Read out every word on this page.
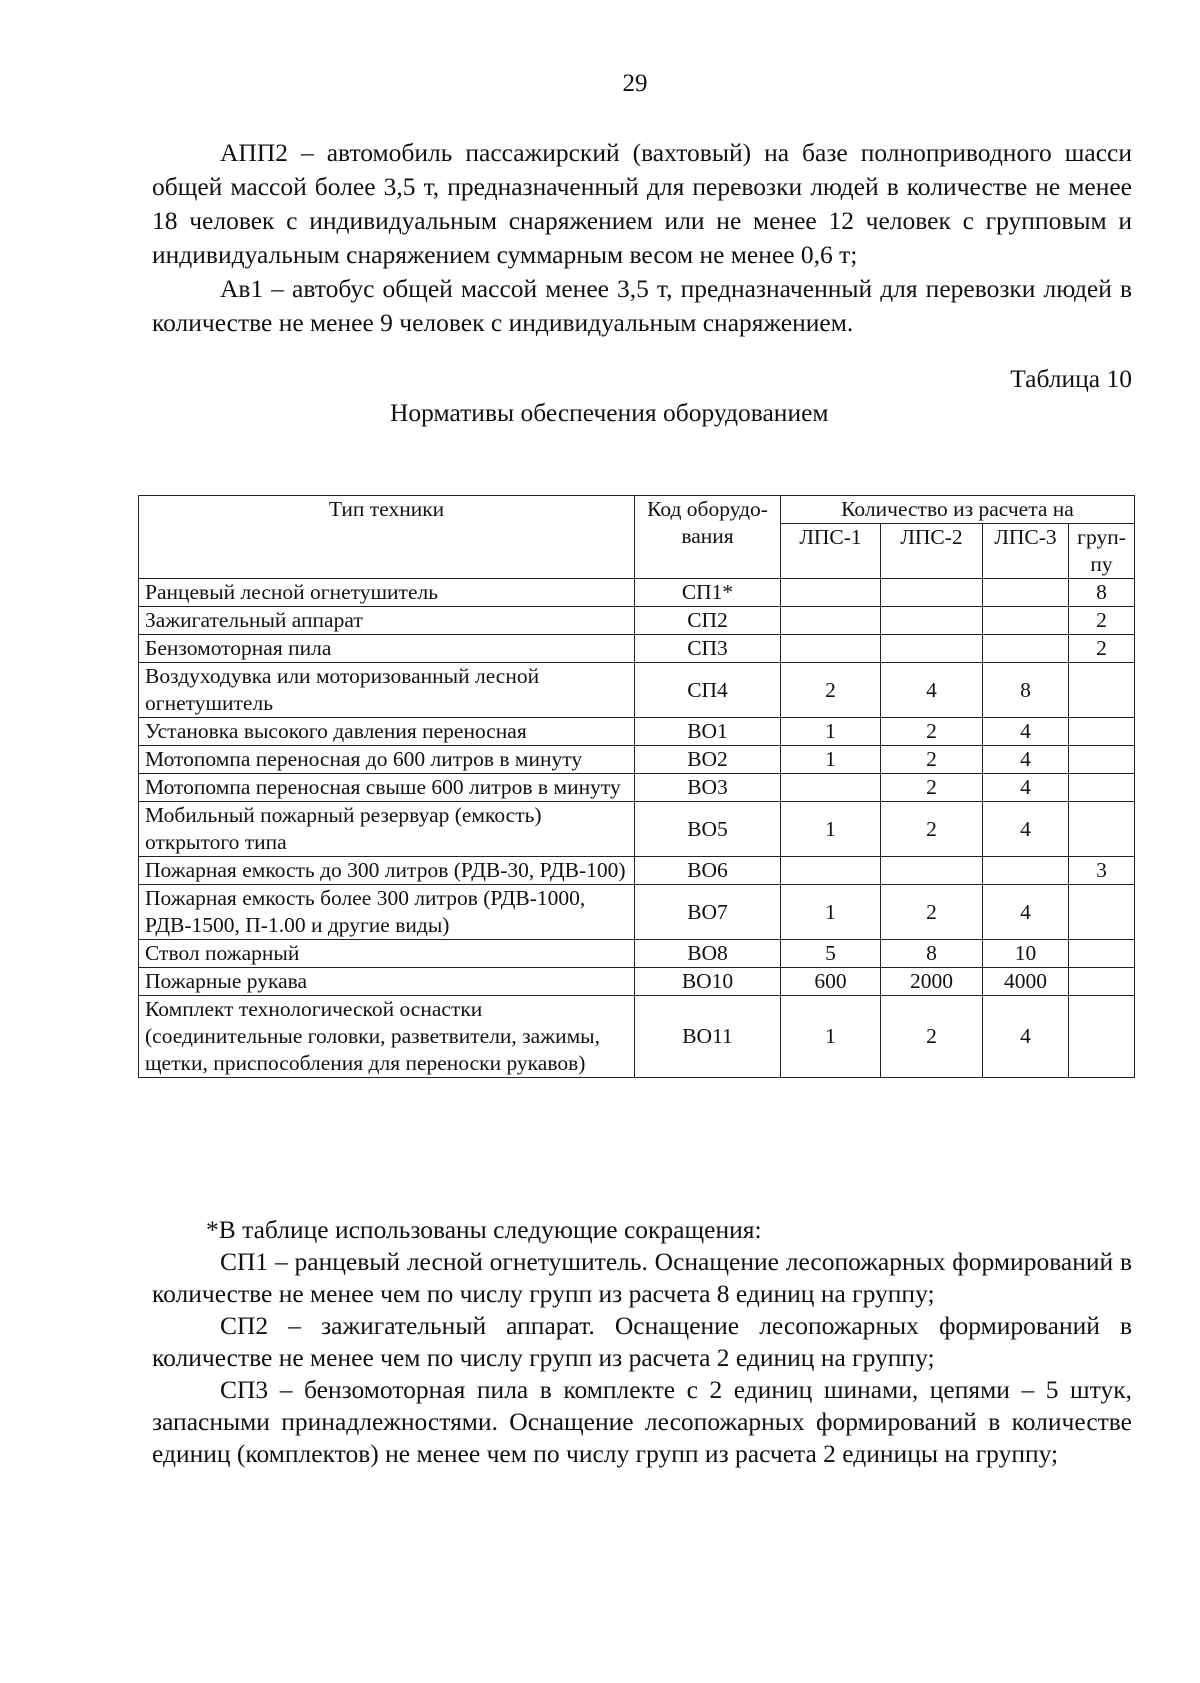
29

АПП2 – автомобиль пассажирский (вахтовый) на базе полноприводного шасси общей массой более 3,5 т, предназначенный для перевозки людей в количестве не менее 18 человек с индивидуальным снаряжением или не менее 12 человек с групповым и индивидуальным снаряжением суммарным весом не менее 0,6 т;

Ав1 – автобус общей массой менее 3,5 т, предназначенный для перевозки людей в количестве не менее 9 человек с индивидуальным снаряжением.

Таблица 10
Нормативы обеспечения оборудованием
Тип техники	Код оборудо-вания	Количество из расчета на			
		ЛПС-1	ЛПС-2	ЛПС-3	груп-пу
Ранцевый лесной огнетушитель	СП1*				8
Зажигательный аппарат	СП2				2
Бензомоторная пила	СП3				2
Воздуходувка или моторизованный лесной огнетушитель	СП4	2	4	8	
Установка высокого давления переносная	ВО1	1	2	4	
Мотопомпа переносная до 600 литров в минуту	ВО2	1	2	4	
Мотопомпа переносная свыше 600 литров в минуту	ВО3		2	4	
Мобильный пожарный резервуар (емкость) открытого типа	ВО5	1	2	4	
Пожарная емкость до 300 литров (РДВ-30, РДВ-100)	ВО6				3
Пожарная емкость более 300 литров (РДВ-1000, РДВ-1500, П-1.00 и другие виды)	ВО7	1	2	4	
Ствол пожарный	ВО8	5	8	10	
Пожарные рукава	ВО10	600	2000	4000	
Комплект технологической оснастки (соединительные головки, разветвители, зажимы, щетки, приспособления для переноски рукавов)	ВО11	1	2	4	

*В таблице использованы следующие сокращения:

СП1 – ранцевый лесной огнетушитель. Оснащение лесопожарных формирований в количестве не менее чем по числу групп из расчета 8 единиц на группу;

СП2 – зажигательный аппарат. Оснащение лесопожарных формирований в количестве не менее чем по числу групп из расчета 2 единиц на группу;

СП3 – бензомоторная пила в комплекте с 2 единиц шинами, цепями – 5 штук, запасными принадлежностями. Оснащение лесопожарных формирований в количестве единиц (комплектов) не менее чем по числу групп из расчета 2 единицы на группу;
